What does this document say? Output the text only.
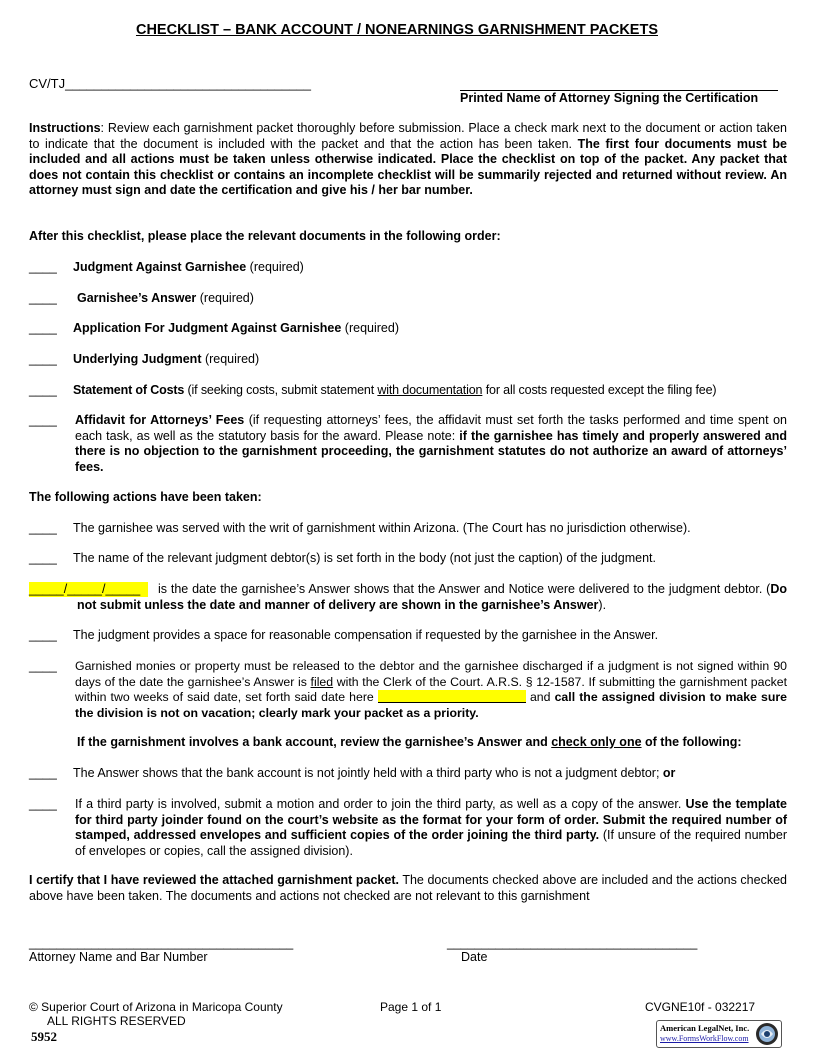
CHECKLIST – BANK ACCOUNT / NONEARNINGS GARNISHMENT PACKETS
CV/TJ__________________________________
Printed Name of Attorney Signing the Certification
Instructions: Review each garnishment packet thoroughly before submission. Place a check mark next to the document or action taken to indicate that the document is included with the packet and that the action has been taken. The first four documents must be included and all actions must be taken unless otherwise indicated. Place the checklist on top of the packet. Any packet that does not contain this checklist or contains an incomplete checklist will be summarily rejected and returned without review. An attorney must sign and date the certification and give his / her bar number.
After this checklist, please place the relevant documents in the following order:
____ Judgment Against Garnishee (required)
____ Garnishee’s Answer (required)
____ Application For Judgment Against Garnishee (required)
____ Underlying Judgment (required)
____ Statement of Costs (if seeking costs, submit statement with documentation for all costs requested except the filing fee)
____ Affidavit for Attorneys’ Fees (if requesting attorneys’ fees, the affidavit must set forth the tasks performed and time spent on each task, as well as the statutory basis for the award. Please note: if the garnishee has timely and properly answered and there is no objection to the garnishment proceeding, the garnishment statutes do not authorize an award of attorneys’ fees.
The following actions have been taken:
____ The garnishee was served with the writ of garnishment within Arizona. (The Court has no jurisdiction otherwise).
____ The name of the relevant judgment debtor(s) is set forth in the body (not just the caption) of the judgment.
_____/_____/_____	is the date the garnishee’s Answer shows that the Answer and Notice were delivered to the judgment debtor. (Do not submit unless the date and manner of delivery are shown in the garnishee’s Answer).
____ The judgment provides a space for reasonable compensation if requested by the garnishee in the Answer.
____ Garnished monies or property must be released to the debtor and the garnishee discharged if a judgment is not signed within 90 days of the date the garnishee’s Answer is filed with the Clerk of the Court. A.R.S. § 12-1587. If submitting the garnishment packet within two weeks of said date, set forth said date here	and call the assigned division to make sure the division is not on vacation; clearly mark your packet as a priority.
If the garnishment involves a bank account, review the garnishee’s Answer and check only one of the following:
____ The Answer shows that the bank account is not jointly held with a third party who is not a judgment debtor; or
____ If a third party is involved, submit a motion and order to join the third party, as well as a copy of the answer. Use the template for third party joinder found on the court’s website as the format for your form of order. Submit the required number of stamped, addressed envelopes and sufficient copies of the order joining the third party. (If unsure of the required number of envelopes or copies, call the assigned division).
I certify that I have reviewed the attached garnishment packet. The documents checked above are included and the actions checked above have been taken. The documents and actions not checked are not relevant to this garnishment
______________________________________	____________________________________
Attorney Name and Bar Number	Date
© Superior Court of Arizona in Maricopa County
ALL RIGHTS RESERVED
Page 1 of 1	CVGNE10f - 032217
5952
American LegalNet, Inc.
www.FormsWorkFlow.com
